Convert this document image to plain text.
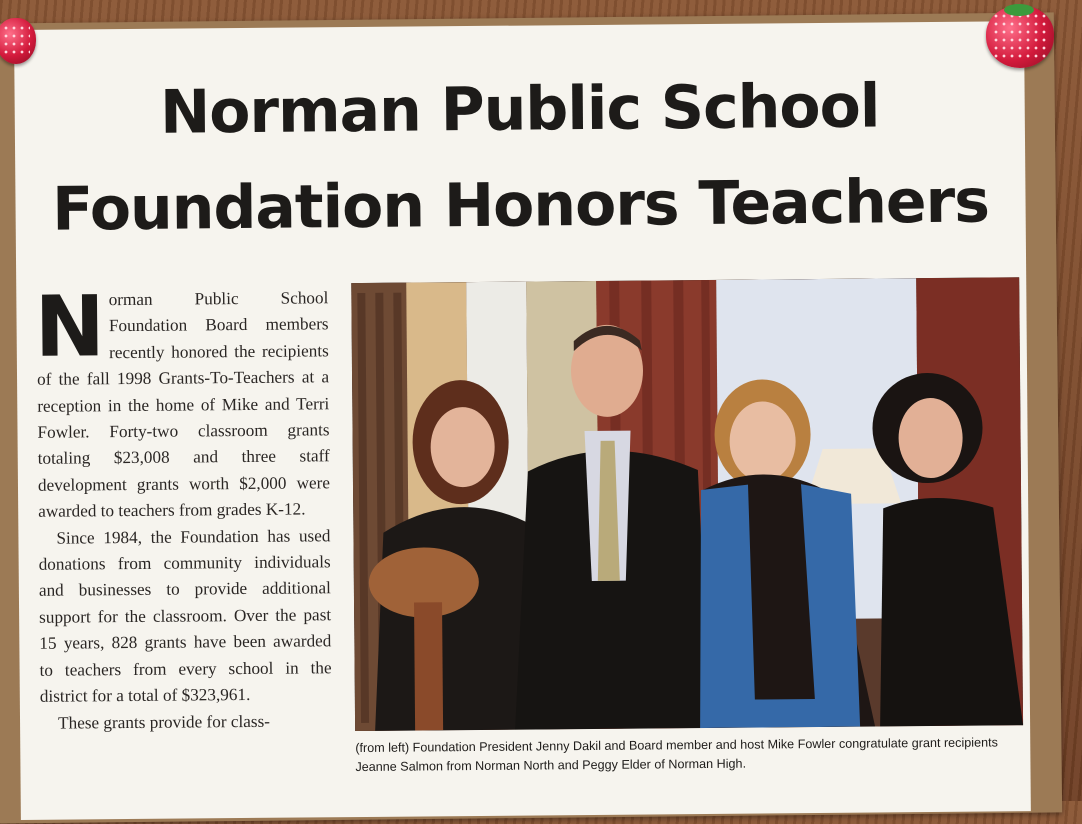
Norman Public School
Foundation Honors Teachers

Norman Public School Foundation Board members recently honored the recipients of the fall 1998 Grants-To-Teachers at a reception in the home of Mike and Terri Fowler. Forty-two classroom grants totaling $23,008 and three staff development grants worth $2,000 were awarded to teachers from grades K-12.

Since 1984, the Foundation has used donations from community individuals and businesses to provide additional support for the classroom. Over the past 15 years, 828 grants have been awarded to teachers from every school in the district for a total of $323,961.

These grants provide for class-

(from left) Foundation President Jenny Dakil and Board member and host Mike Fowler congratulate grant recipients Jeanne Salmon from Norman North and Peggy Elder of Norman High.
